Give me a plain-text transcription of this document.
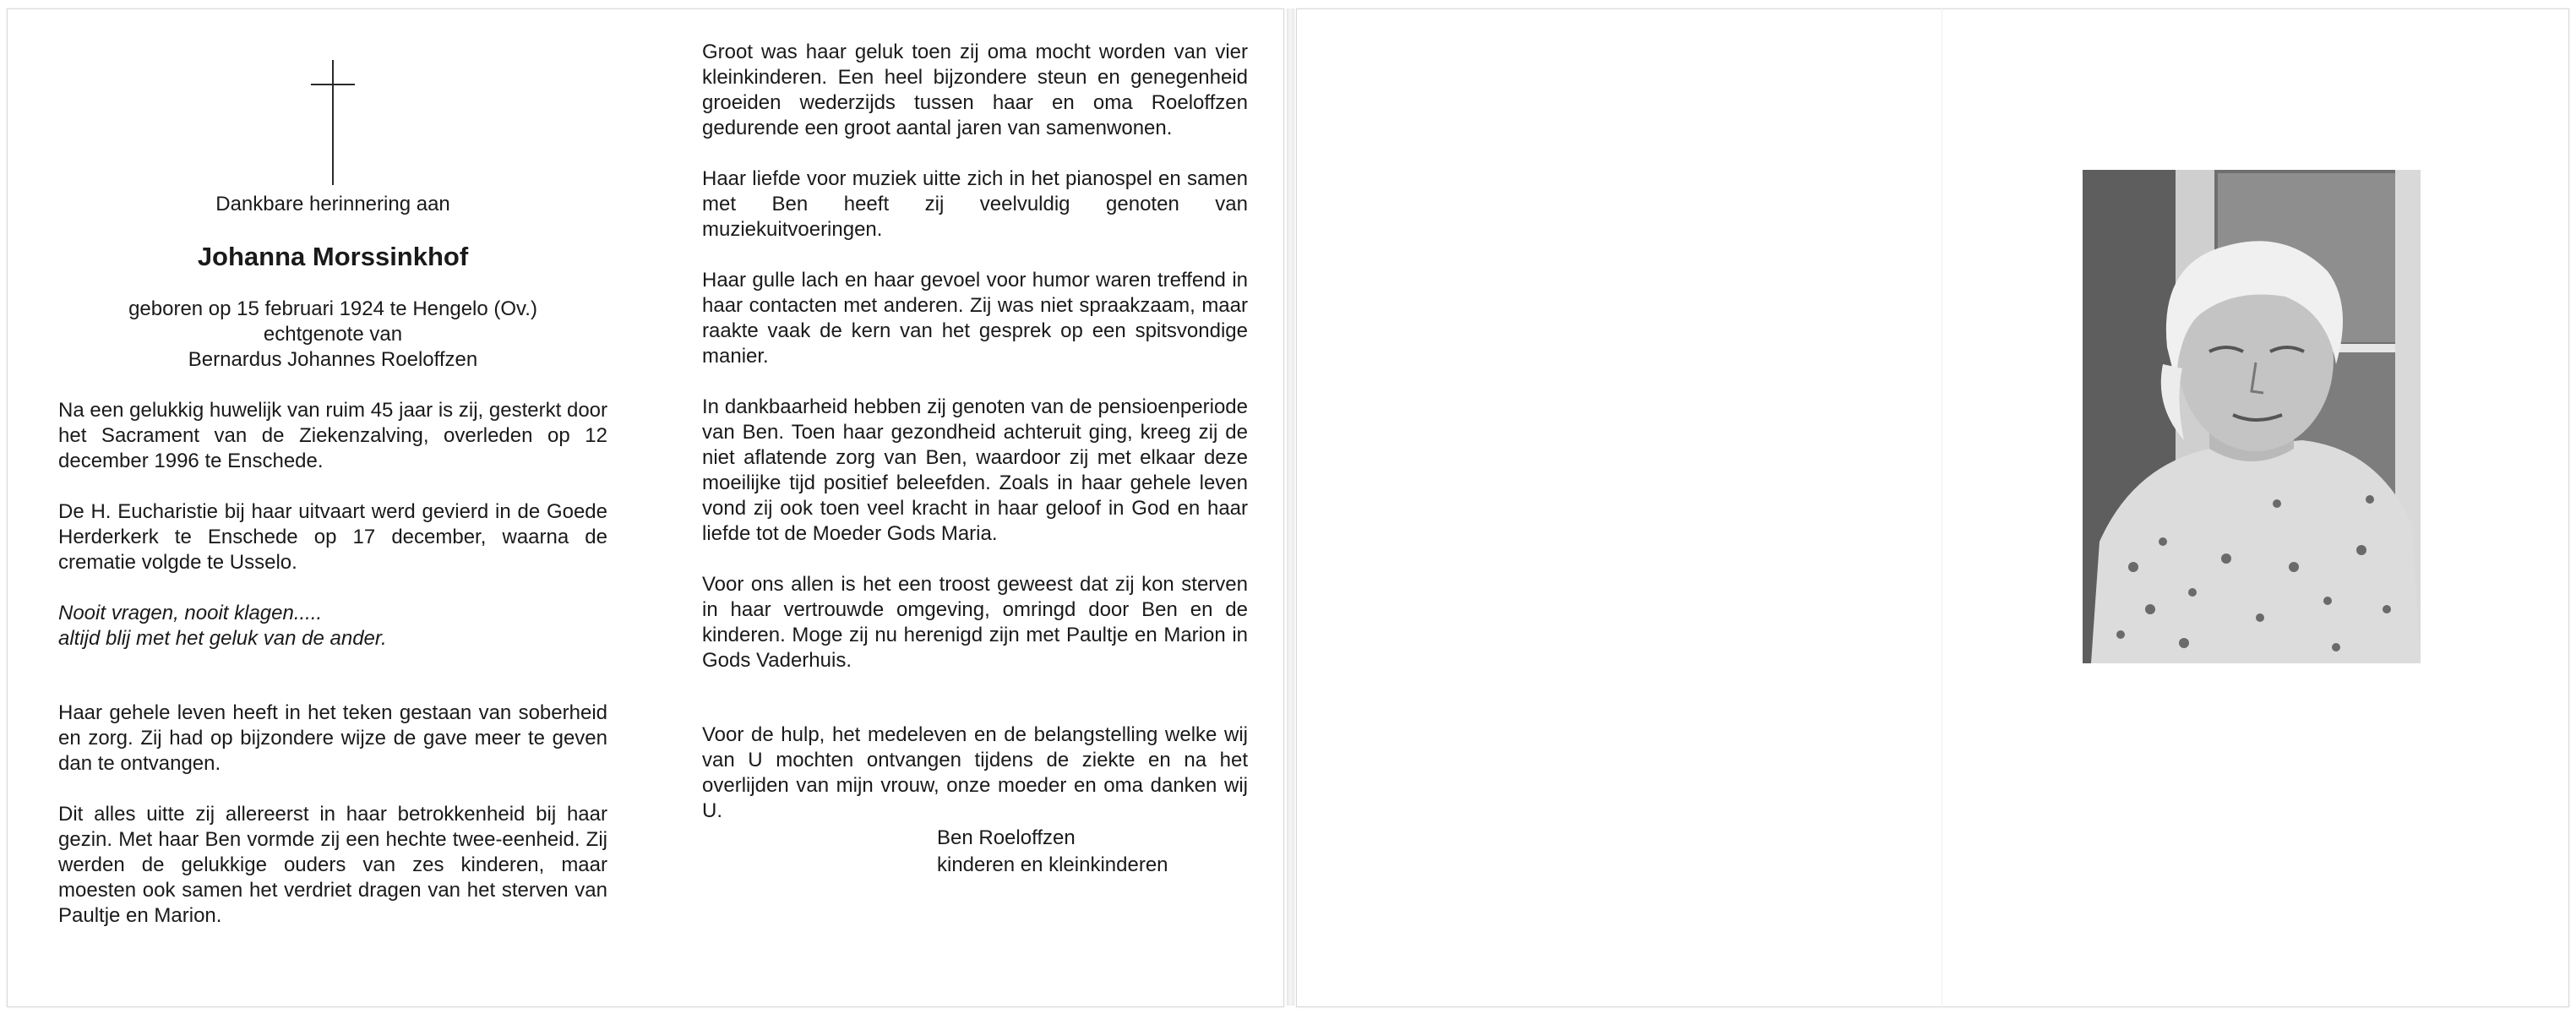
Dankbare herinnering aan

Johanna Morssinkhof

geboren op 15 februari 1924 te Hengelo (Ov.)

echtgenote van

Bernardus Johannes Roeloffzen

Na een gelukkig huwelijk van ruim 45 jaar is zij, gesterkt door het Sacrament van de Ziekenzalving, overleden op 12 december 1996 te Enschede.

De H. Eucharistie bij haar uitvaart werd gevierd in de Goede Herderkerk te Enschede op 17 december, waarna de crematie volgde te Usselo.

Nooit vragen, nooit klagen.....

altijd blij met het geluk van de ander.

Haar gehele leven heeft in het teken gestaan van soberheid en zorg. Zij had op bijzondere wijze de gave meer te geven dan te ontvangen.

Dit alles uitte zij allereerst in haar betrokkenheid bij haar gezin. Met haar Ben vormde zij een hechte twee-eenheid. Zij werden de gelukkige ouders van zes kinderen, maar moesten ook samen het verdriet dragen van het sterven van Paultje en Marion.

Groot was haar geluk toen zij oma mocht worden van vier kleinkinderen. Een heel bijzondere steun en genegenheid groeiden wederzijds tussen haar en oma Roeloffzen gedurende een groot aantal jaren van samenwonen.

Haar liefde voor muziek uitte zich in het pianospel en samen met Ben heeft zij veelvuldig genoten van muziekuitvoeringen.

Haar gulle lach en haar gevoel voor humor waren treffend in haar contacten met anderen. Zij was niet spraakzaam, maar raakte vaak de kern van het gesprek op een spitsvondige manier.

In dankbaarheid hebben zij genoten van de pensioenperiode van Ben. Toen haar gezondheid achteruit ging, kreeg zij de niet aflatende zorg van Ben, waardoor zij met elkaar deze moeilijke tijd positief beleefden. Zoals in haar gehele leven vond zij ook toen veel kracht in haar geloof in God en haar liefde tot de Moeder Gods Maria.

Voor ons allen is het een troost geweest dat zij kon sterven in haar vertrouwde omgeving, omringd door Ben en de kinderen. Moge zij nu herenigd zijn met Paultje en Marion in Gods Vaderhuis.

Voor de hulp, het medeleven en de belangstelling welke wij van U mochten ontvangen tijdens de ziekte en na het overlijden van mijn vrouw, onze moeder en oma danken wij U.

Ben Roeloffzen

kinderen en kleinkinderen
